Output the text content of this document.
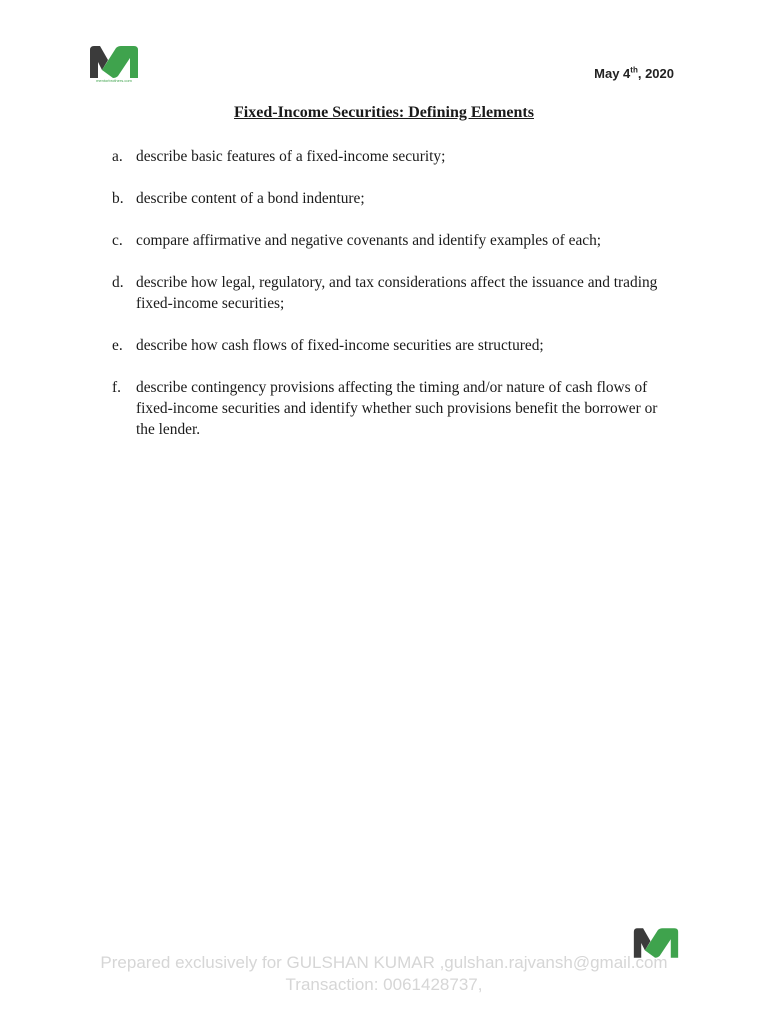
mentorbrothers.com	May 4th, 2020
Fixed-Income Securities: Defining Elements
a. describe basic features of a fixed-income security;
b. describe content of a bond indenture;
c. compare affirmative and negative covenants and identify examples of each;
d. describe how legal, regulatory, and tax considerations affect the issuance and trading fixed-income securities;
e. describe how cash flows of fixed-income securities are structured;
f. describe contingency provisions affecting the timing and/or nature of cash flows of fixed-income securities and identify whether such provisions benefit the borrower or the lender.
Prepared exclusively for GULSHAN KUMAR ,gulshan.rajvansh@gmail.com
Transaction: 0061428737,
